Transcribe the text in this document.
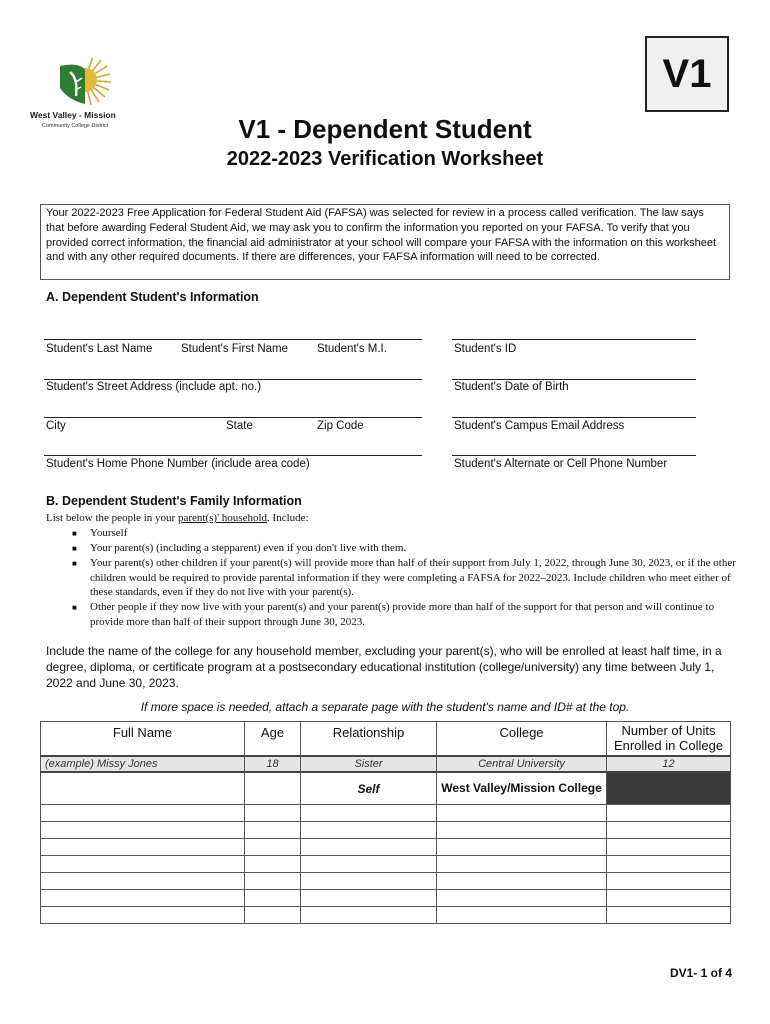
West Valley - Mission
Community College District
V1
V1 - Dependent Student
2022-2023 Verification Worksheet
Your 2022-2023 Free Application for Federal Student Aid (FAFSA) was selected for review in a process called verification. The law says that before awarding Federal Student Aid, we may ask you to confirm the information you reported on your FAFSA. To verify that you provided correct information, the financial aid administrator at your school will compare your FAFSA with the information on this worksheet and with any other required documents. If there are differences, your FAFSA information will need to be corrected.
A. Dependent Student's Information
Student's Last Name Student's First Name	Student's M.I.	Student's ID
Student's Street Address (include apt. no.)	Student's Date of Birth
City	State	Zip Code	Student's Campus Email Address
Student's Home Phone Number (include area code)	Student's Alternate or Cell Phone Number
B. Dependent Student's Family Information
List below the people in your parent(s)' household. Include:
■	Yourself
■	Your parent(s) (including a stepparent) even if you don't live with them.
■	Your parent(s) other children if your parent(s) will provide more than half of their support from July 1, 2022, through June 30, 2023, or if the other children would be required to provide parental information if they were completing a FAFSA for 2022–2023. Include children who meet either of these standards, even if they do not live with your parent(s).
■	Other people if they now live with your parent(s) and your parent(s) provide more than half of the support for that person and will continue to provide more than half of their support through June 30, 2023.
Include the name of the college for any household member, excluding your parent(s), who will be enrolled at least half time, in a degree, diploma, or certificate program at a postsecondary educational institution (college/university) any time between July 1, 2022 and June 30, 2023.
If more space is needed, attach a separate page with the student's name and ID# at the top.
Full Name	Age	Relationship	College	Number of Units Enrolled in College
(example) Missy Jones	18	Sister	Central University	12
		Self	West Valley/Mission College	

DV1- 1 of 4
